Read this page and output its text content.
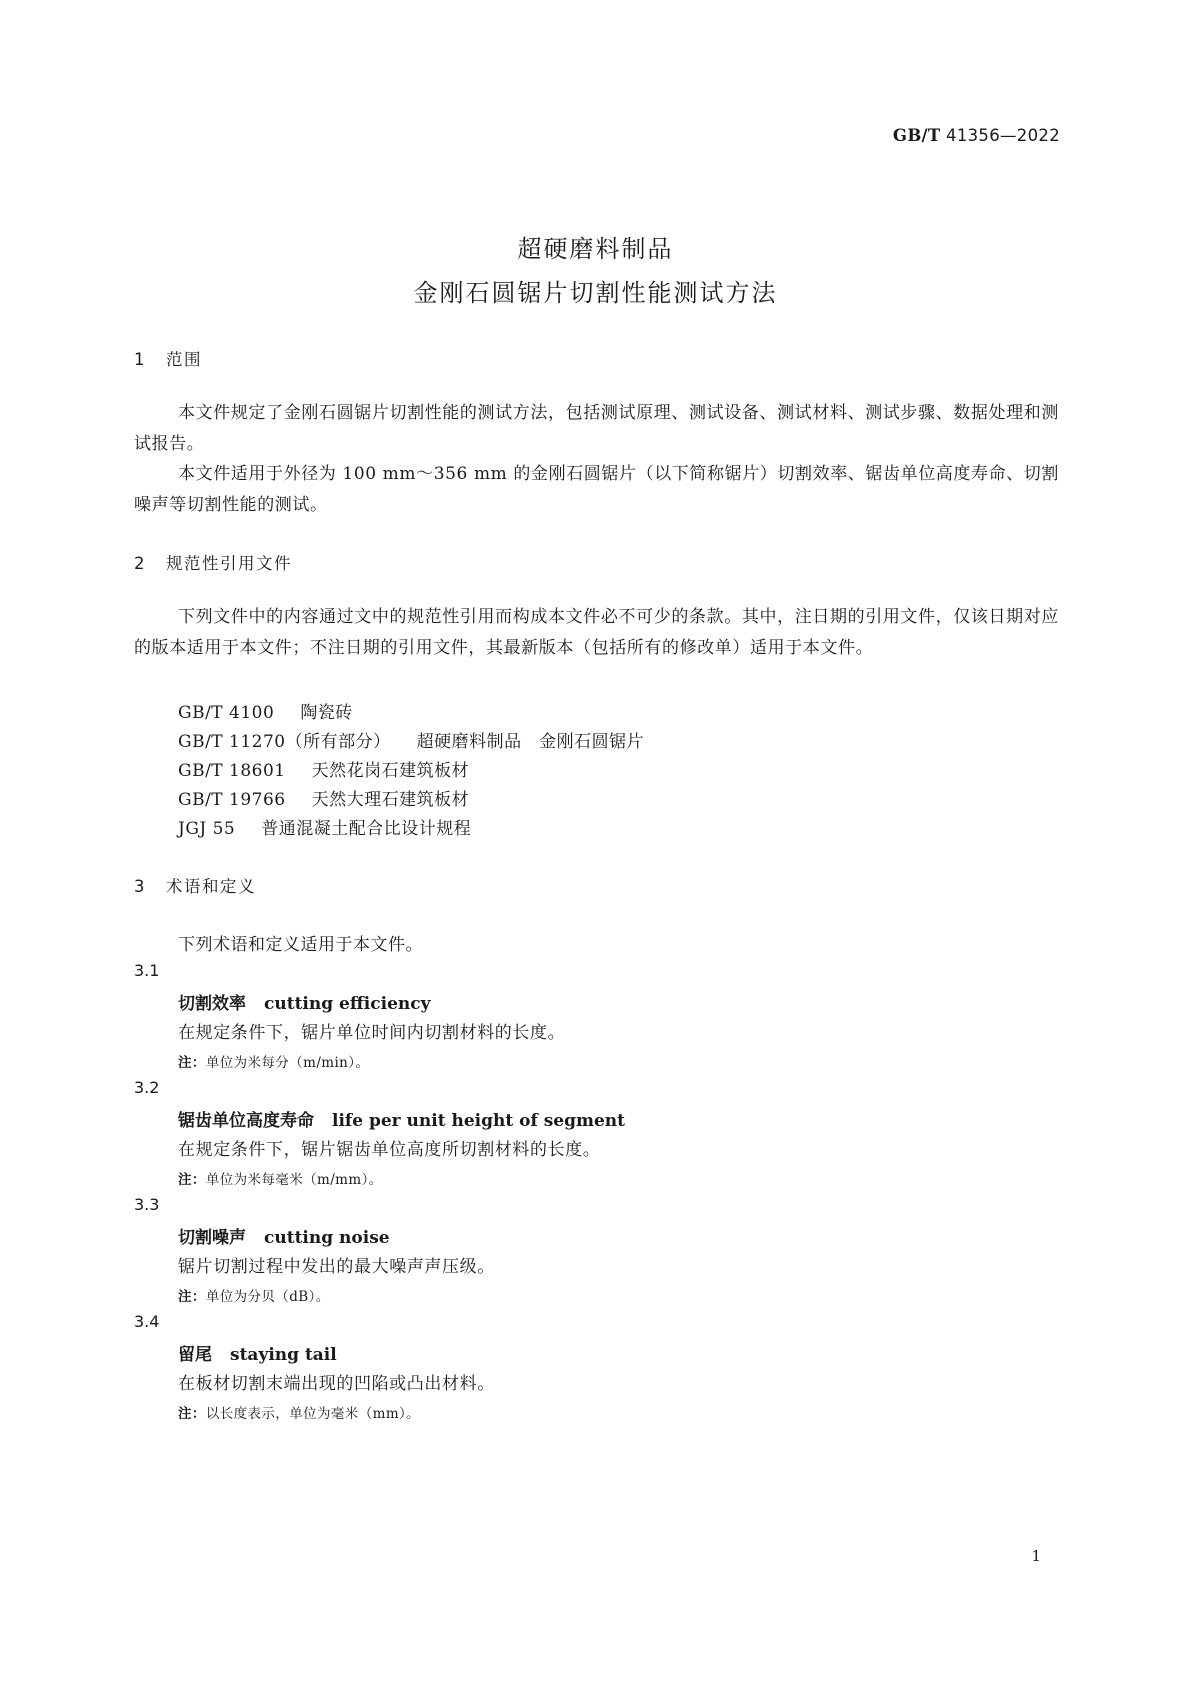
GB/T 41356—2022
超硬磨料制品
金刚石圆锯片切割性能测试方法
1 范围
本文件规定了金刚石圆锯片切割性能的测试方法，包括测试原理、测试设备、测试材料、测试步骤、数据处理和测试报告。
本文件适用于外径为 100 mm～356 mm 的金刚石圆锯片（以下简称锯片）切割效率、锯齿单位高度寿命、切割噪声等切割性能的测试。
2 规范性引用文件
下列文件中的内容通过文中的规范性引用而构成本文件必不可少的条款。其中，注日期的引用文件，仅该日期对应的版本适用于本文件；不注日期的引用文件，其最新版本（包括所有的修改单）适用于本文件。
GB/T 4100 陶瓷砖
GB/T 11270（所有部分） 超硬磨料制品　金刚石圆锯片
GB/T 18601 天然花岗石建筑板材
GB/T 19766 天然大理石建筑板材
JGJ 55 普通混凝土配合比设计规程
3 术语和定义
下列术语和定义适用于本文件。
3.1
切割效率 cutting efficiency
在规定条件下，锯片单位时间内切割材料的长度。
注：单位为米每分（m/min）。
3.2
锯齿单位高度寿命 life per unit height of segment
在规定条件下，锯片锯齿单位高度所切割材料的长度。
注：单位为米每毫米（m/mm）。
3.3
切割噪声 cutting noise
锯片切割过程中发出的最大噪声声压级。
注：单位为分贝（dB）。
3.4
留尾 staying tail
在板材切割末端出现的凹陷或凸出材料。
注：以长度表示，单位为毫米（mm）。
1
